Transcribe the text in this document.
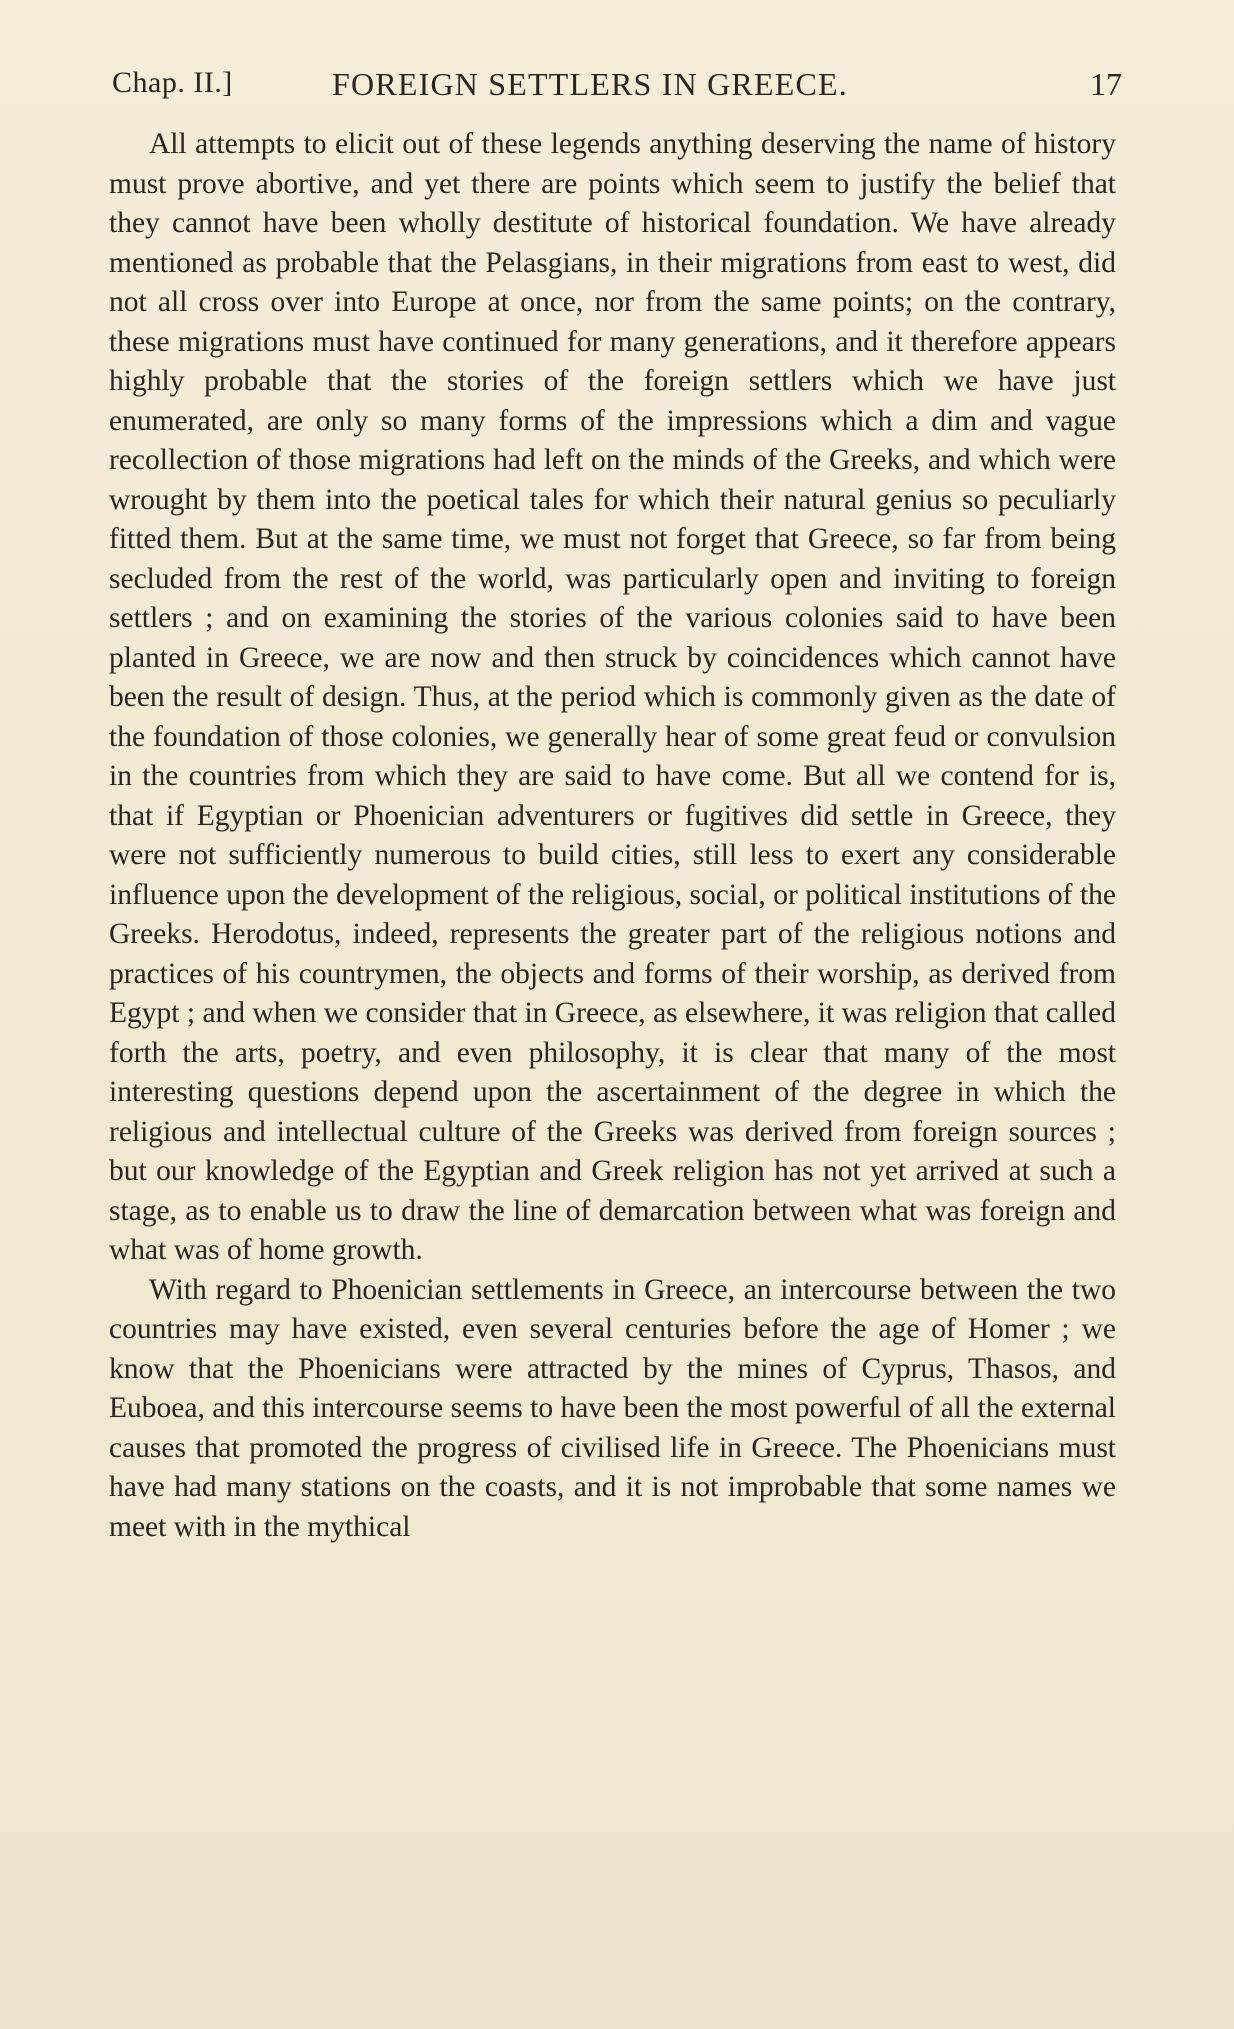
Chap. II.]	FOREIGN SETTLERS IN GREECE.	17

All attempts to elicit out of these legends anything deserving the name of history must prove abortive, and yet there are points which seem to justify the belief that they cannot have been wholly destitute of historical foundation. We have already mentioned as probable that the Pelasgians, in their migrations from east to west, did not all cross over into Europe at once, nor from the same points; on the contrary, these migrations must have continued for many generations, and it therefore appears highly probable that the stories of the foreign settlers which we have just enumerated, are only so many forms of the impressions which a dim and vague recollection of those migrations had left on the minds of the Greeks, and which were wrought by them into the poetical tales for which their natural genius so peculiarly fitted them. But at the same time, we must not forget that Greece, so far from being secluded from the rest of the world, was particularly open and inviting to foreign settlers ; and on examining the stories of the various colonies said to have been planted in Greece, we are now and then struck by coincidences which cannot have been the result of design. Thus, at the period which is commonly given as the date of the foundation of those colonies, we generally hear of some great feud or convulsion in the countries from which they are said to have come. But all we contend for is, that if Egyptian or Phoenician adventurers or fugitives did settle in Greece, they were not sufficiently numerous to build cities, still less to exert any considerable influence upon the development of the religious, social, or political institutions of the Greeks. Herodotus, indeed, represents the greater part of the religious notions and practices of his countrymen, the objects and forms of their worship, as derived from Egypt ; and when we consider that in Greece, as elsewhere, it was religion that called forth the arts, poetry, and even philosophy, it is clear that many of the most interesting questions depend upon the ascertainment of the degree in which the religious and intellectual culture of the Greeks was derived from foreign sources ; but our knowledge of the Egyptian and Greek religion has not yet arrived at such a stage, as to enable us to draw the line of demarcation between what was foreign and what was of home growth.

With regard to Phoenician settlements in Greece, an intercourse between the two countries may have existed, even several centuries before the age of Homer ; we know that the Phoenicians were attracted by the mines of Cyprus, Thasos, and Euboea, and this intercourse seems to have been the most powerful of all the external causes that promoted the progress of civilised life in Greece. The Phoenicians must have had many stations on the coasts, and it is not improbable that some names we meet with in the mythical
